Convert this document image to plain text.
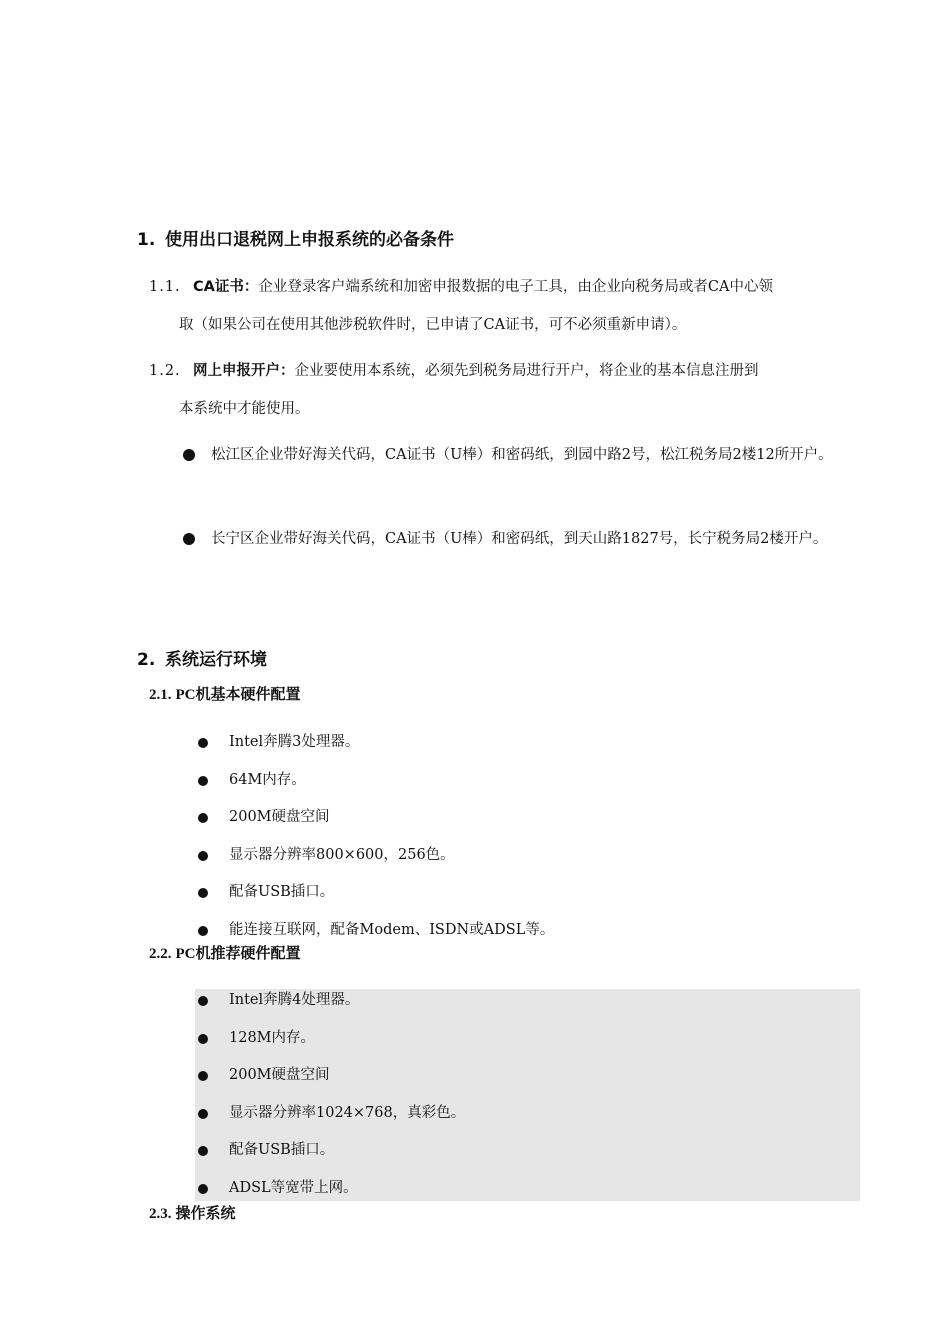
1. 使用出口退税网上申报系统的必备条件
1.1. CA证书：企业登录客户端系统和加密申报数据的电子工具，由企业向税务局或者CA中心领
取（如果公司在使用其他涉税软件时，已申请了CA证书，可不必须重新申请）。
1.2. 网上申报开户：企业要使用本系统，必须先到税务局进行开户，将企业的基本信息注册到
本系统中才能使用。
松江区企业带好海关代码，CA证书（U棒）和密码纸，到园中路2号，松江税务局2楼12所开户。
长宁区企业带好海关代码，CA证书（U棒）和密码纸，到天山路1827号，长宁税务局2楼开户。
2. 系统运行环境
2.1. PC机基本硬件配置
Intel奔腾3处理器。
64M内存。
200M硬盘空间
显示器分辨率800×600，256色。
配备USB插口。
能连接互联网，配备Modem、ISDN或ADSL等。
2.2. PC机推荐硬件配置
Intel奔腾4处理器。
128M内存。
200M硬盘空间
显示器分辨率1024×768，真彩色。
配备USB插口。
ADSL等宽带上网。
2.3. 操作系统
